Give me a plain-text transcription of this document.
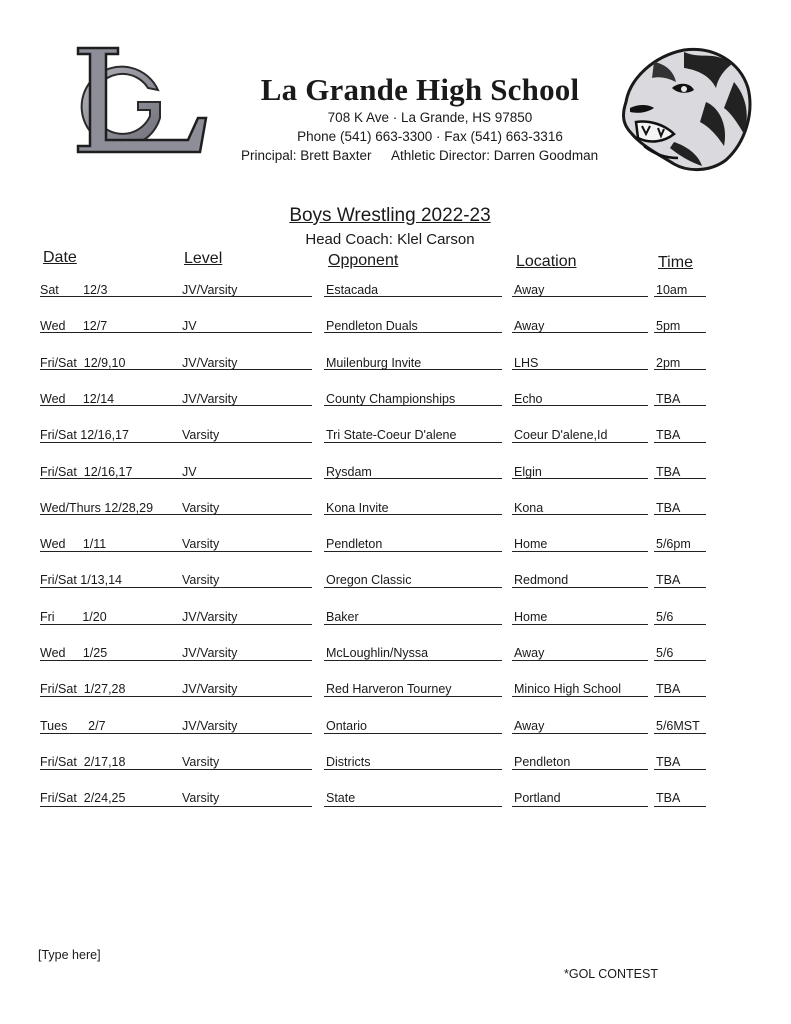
La Grande High School
708 K Ave · La Grande, HS 97850
Phone (541) 663-3300 · Fax (541) 663-3316
Principal: Brett Baxter Athletic Director: Darren Goodman
Boys Wrestling 2022-23
Head Coach: Klel Carson
Date	Level	Opponent	Location	Time
Sat       12/3	JV/Varsity	Estacada	Away	10am
Wed     12/7	JV	Pendleton Duals	Away	5pm
Fri/Sat  12/9,10	JV/Varsity	Muilenburg Invite	LHS	2pm
Wed     12/14	JV/Varsity	County Championships	Echo	TBA
Fri/Sat 12/16,17	Varsity	Tri State-Coeur D'alene	Coeur D'alene,Id	TBA
Fri/Sat  12/16,17	JV	Rysdam	Elgin	TBA
Wed/Thurs 12/28,29 Varsity	Kona Invite	Kona	TBA
Wed     1/11	Varsity	Pendleton	Home	5/6pm
Fri/Sat 1/13,14	Varsity	Oregon Classic	Redmond	TBA
Fri        1/20	JV/Varsity	Baker	Home	5/6
Wed     1/25	JV/Varsity	McLoughlin/Nyssa	Away	5/6
Fri/Sat  1/27,28	JV/Varsity	Red Harveron Tourney	Minico High School	TBA
Tues      2/7	JV/Varsity	Ontario	Away	5/6MST
Fri/Sat  2/17,18	Varsity	Districts	Pendleton	TBA
Fri/Sat  2/24,25	Varsity	State	Portland	TBA
[Type here]
*GOL CONTEST
